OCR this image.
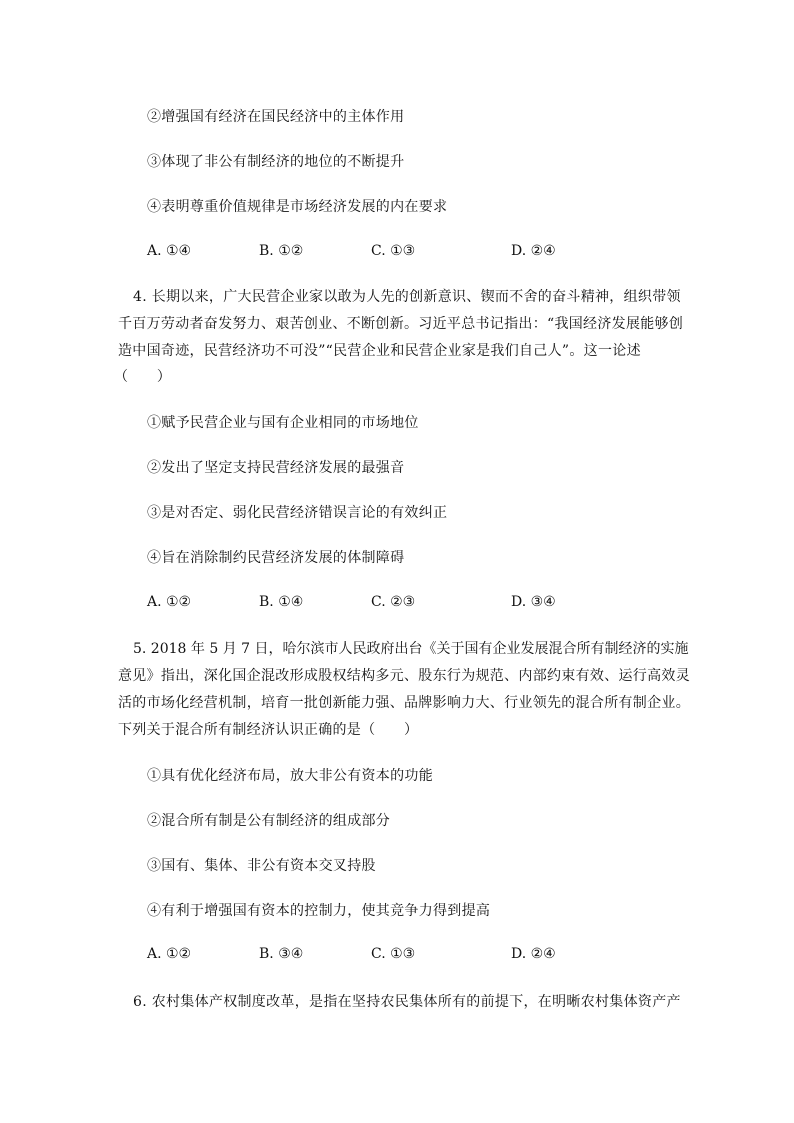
②增强国有经济在国民经济中的主体作用
③体现了非公有制经济的地位的不断提升
④表明尊重价值规律是市场经济发展的内在要求
A. ①④	B. ①②	C. ①③	D. ②④
4. 长期以来，广大民营企业家以敢为人先的创新意识、锲而不舍的奋斗精神，组织带领
千百万劳动者奋发努力、艰苦创业、不断创新。习近平总书记指出：“我国经济发展能够创
造中国奇迹，民营经济功不可没”“民营企业和民营企业家是我们自己人”。这一论述
（　　）
①赋予民营企业与国有企业相同的市场地位
②发出了坚定支持民营经济发展的最强音
③是对否定、弱化民营经济错误言论的有效纠正
④旨在消除制约民营经济发展的体制障碍
A. ①②	B. ①④	C. ②③	D. ③④
5. 2018 年 5 月 7 日，哈尔滨市人民政府出台《关于国有企业发展混合所有制经济的实施
意见》指出，深化国企混改形成股权结构多元、股东行为规范、内部约束有效、运行高效灵
活的市场化经营机制，培育一批创新能力强、品牌影响力大、行业领先的混合所有制企业。
下列关于混合所有制经济认识正确的是（　　）
①具有优化经济布局，放大非公有资本的功能
②混合所有制是公有制经济的组成部分
③国有、集体、非公有资本交叉持股
④有利于增强国有资本的控制力，使其竞争力得到提高
A. ①②	B. ③④	C. ①③	D. ②④
6. 农村集体产权制度改革，是指在坚持农民集体所有的前提下，在明晰农村集体资产产
